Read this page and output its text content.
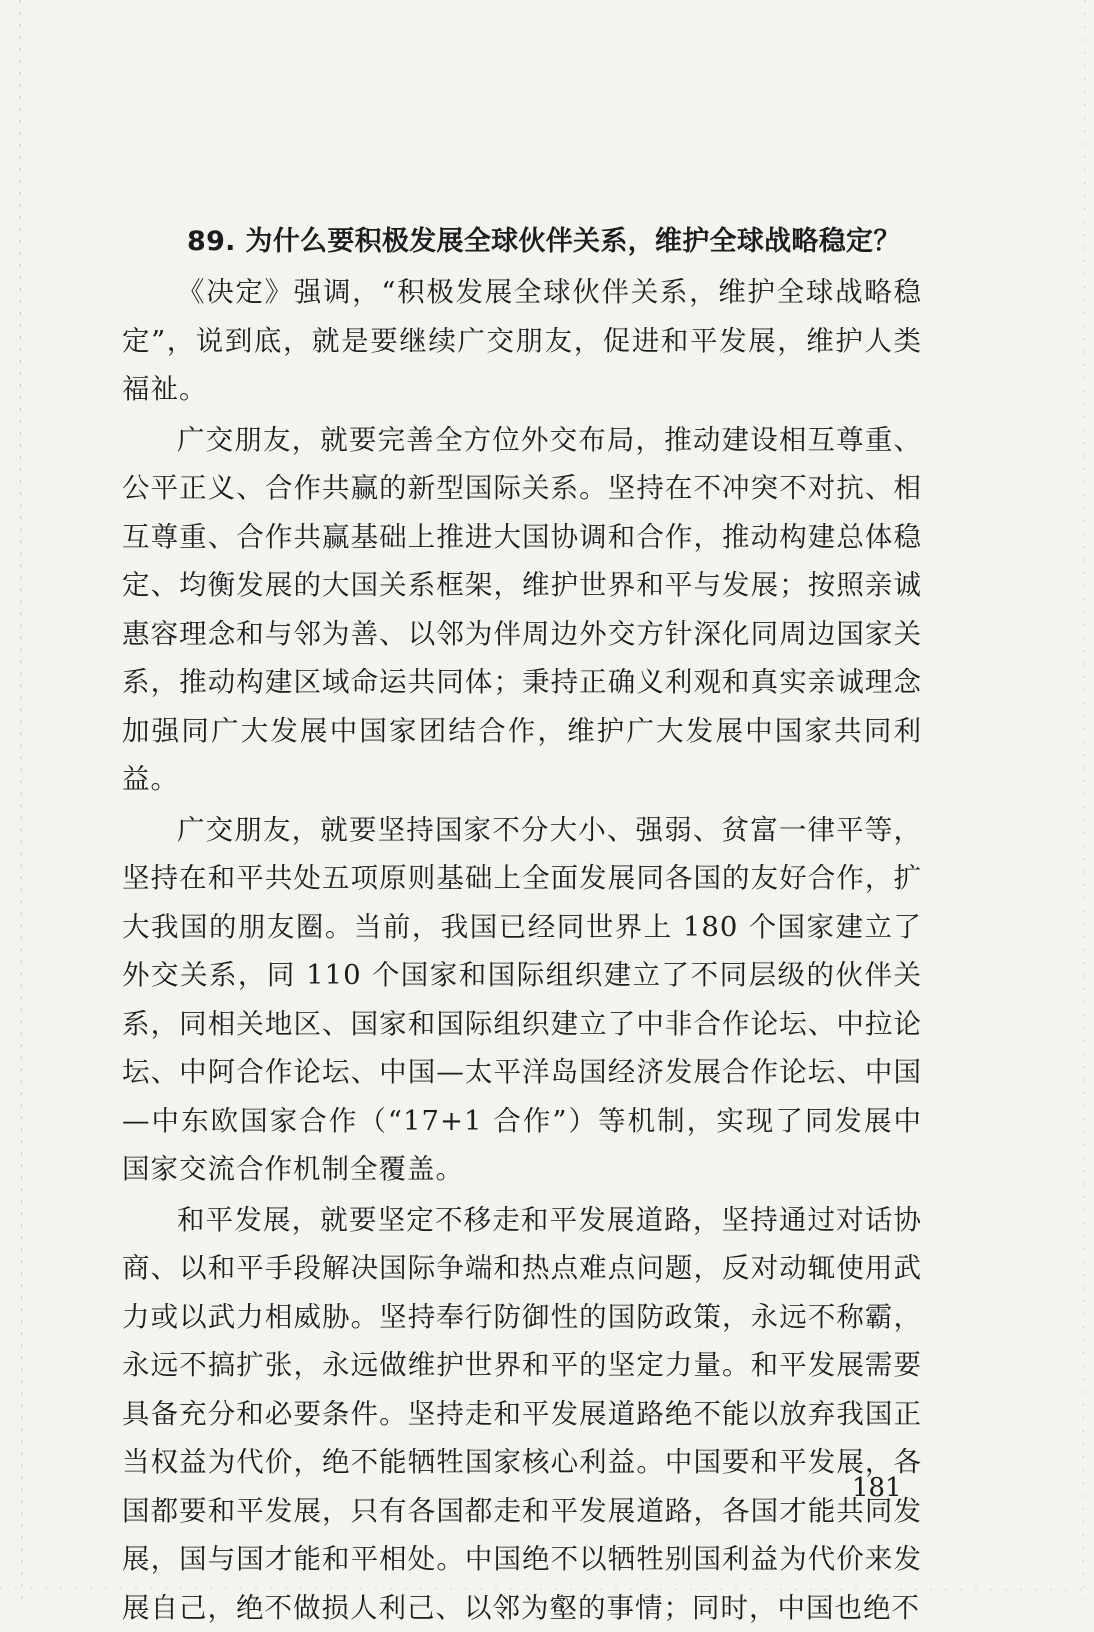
89. 为什么要积极发展全球伙伴关系，维护全球战略稳定？

《决定》强调，“积极发展全球伙伴关系，维护全球战略稳定”，说到底，就是要继续广交朋友，促进和平发展，维护人类福祉。

广交朋友，就要完善全方位外交布局，推动建设相互尊重、公平正义、合作共赢的新型国际关系。坚持在不冲突不对抗、相互尊重、合作共赢基础上推进大国协调和合作，推动构建总体稳定、均衡发展的大国关系框架，维护世界和平与发展；按照亲诚惠容理念和与邻为善、以邻为伴周边外交方针深化同周边国家关系，推动构建区域命运共同体；秉持正确义利观和真实亲诚理念加强同广大发展中国家团结合作，维护广大发展中国家共同利益。

广交朋友，就要坚持国家不分大小、强弱、贫富一律平等，坚持在和平共处五项原则基础上全面发展同各国的友好合作，扩大我国的朋友圈。当前，我国已经同世界上 180 个国家建立了外交关系，同 110 个国家和国际组织建立了不同层级的伙伴关系，同相关地区、国家和国际组织建立了中非合作论坛、中拉论坛、中阿合作论坛、中国—太平洋岛国经济发展合作论坛、中国—中东欧国家合作（“17+1 合作”）等机制，实现了同发展中国家交流合作机制全覆盖。

和平发展，就要坚定不移走和平发展道路，坚持通过对话协商、以和平手段解决国际争端和热点难点问题，反对动辄使用武力或以武力相威胁。坚持奉行防御性的国防政策，永远不称霸，永远不搞扩张，永远做维护世界和平的坚定力量。和平发展需要具备充分和必要条件。坚持走和平发展道路绝不能以放弃我国正当权益为代价，绝不能牺牲国家核心利益。中国要和平发展，各国都要和平发展，只有各国都走和平发展道路，各国才能共同发展，国与国才能和平相处。中国绝不以牺牲别国利益为代价来发展自己，绝不做损人利己、以邻为壑的事情；同时，中国也绝不

181
